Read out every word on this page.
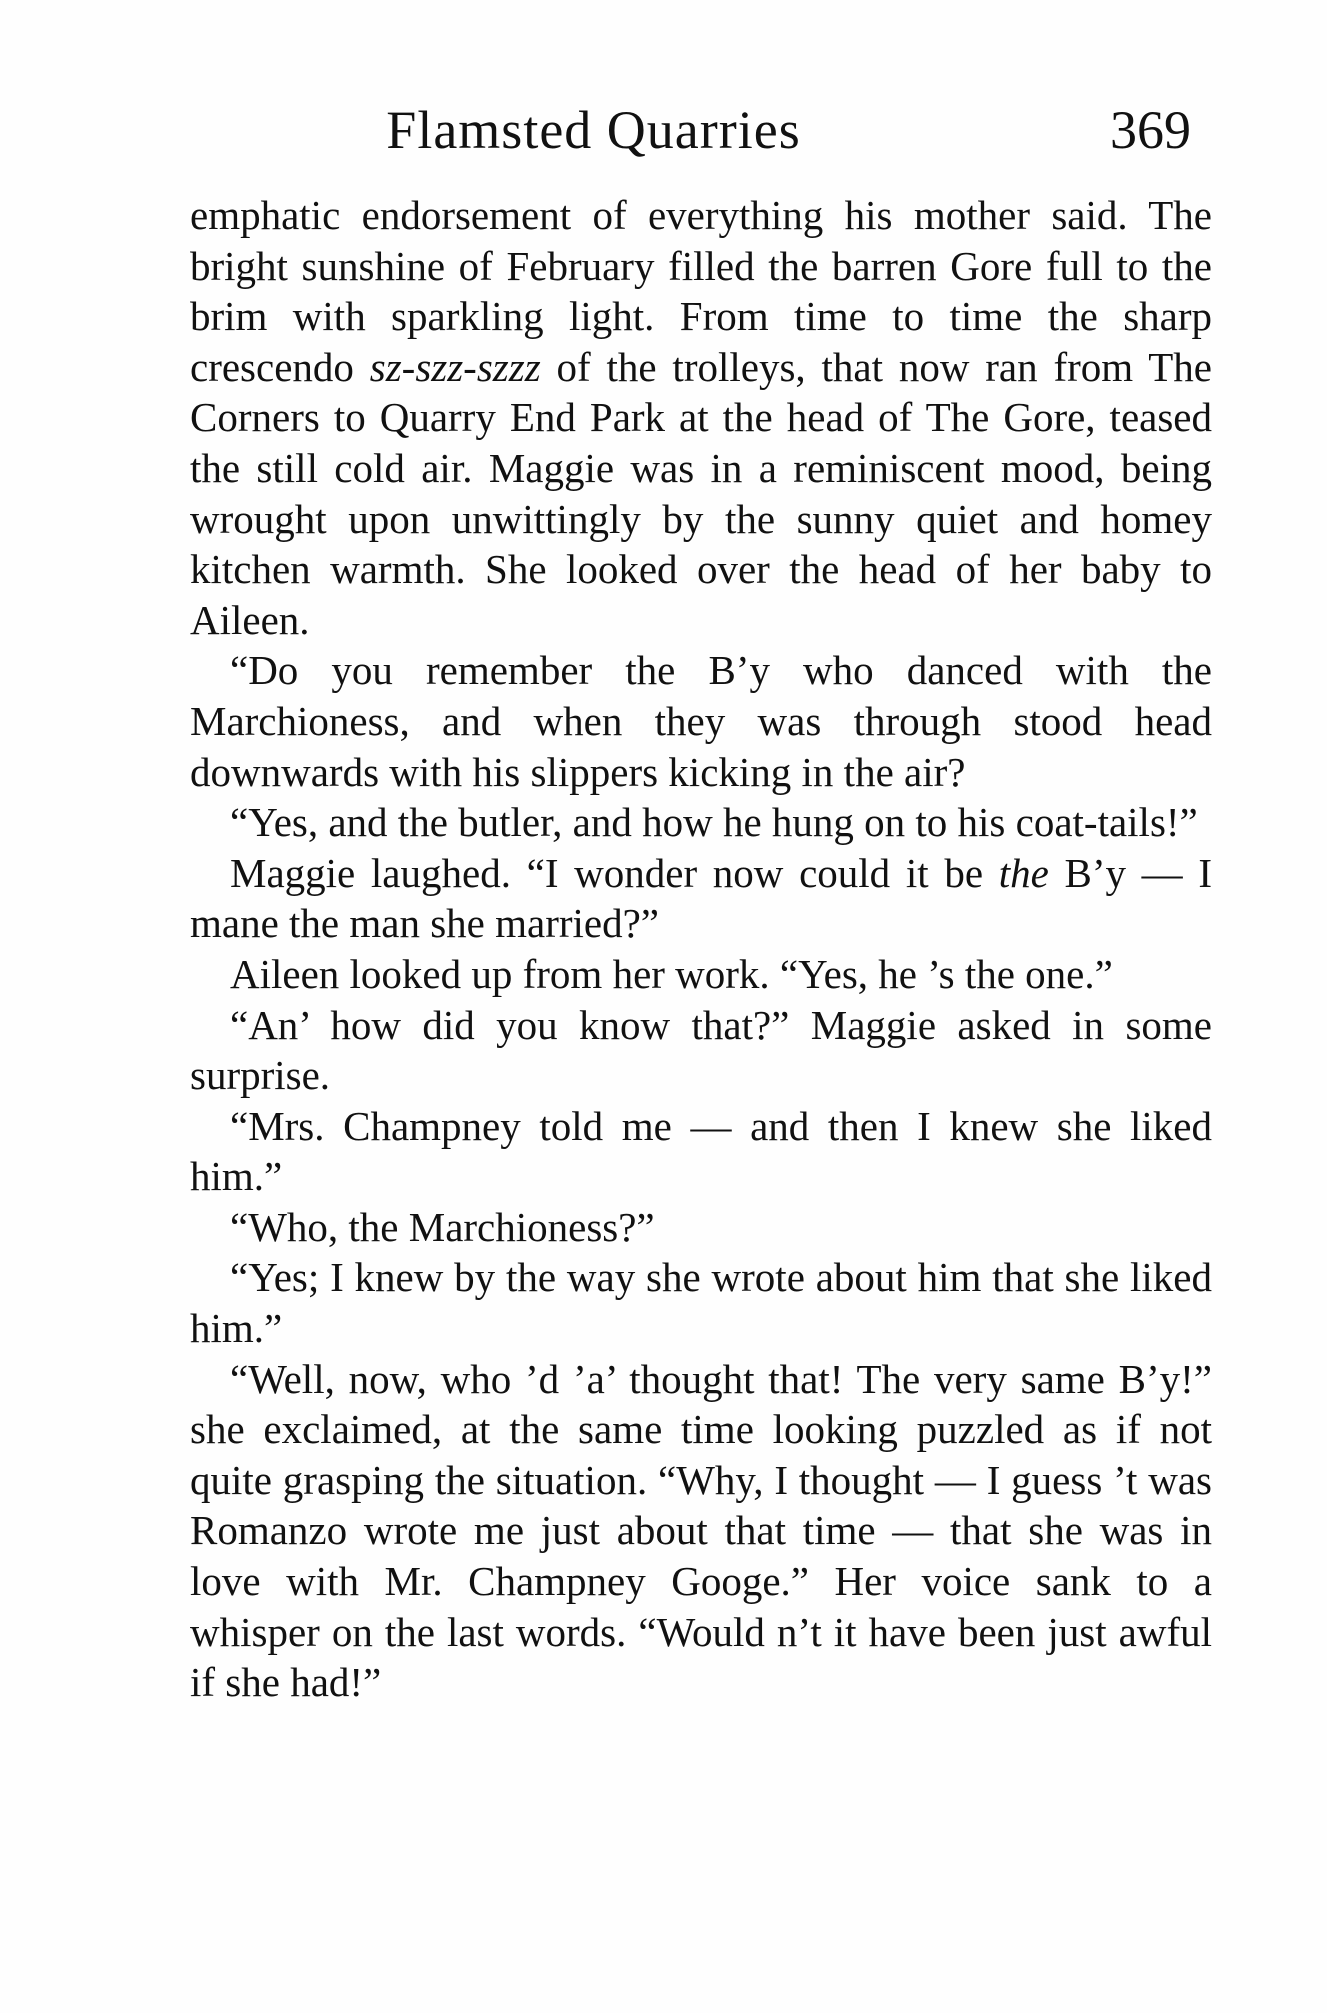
Flamsted Quarries	369

emphatic endorsement of everything his mother said. The bright sunshine of February filled the barren Gore full to the brim with sparkling light. From time to time the sharp crescendo sz-szz-szzz of the trolleys, that now ran from The Corners to Quarry End Park at the head of The Gore, teased the still cold air. Maggie was in a reminiscent mood, being wrought upon unwittingly by the sunny quiet and homey kitchen warmth. She looked over the head of her baby to Aileen.

“Do you remember the B’y who danced with the Marchioness, and when they was through stood head downwards with his slippers kicking in the air?

“Yes, and the butler, and how he hung on to his coat-tails!”

Maggie laughed. “I wonder now could it be the B’y — I mane the man she married?”

Aileen looked up from her work. “Yes, he ’s the one.”

“An’ how did you know that?” Maggie asked in some surprise.

“Mrs. Champney told me — and then I knew she liked him.”

“Who, the Marchioness?”

“Yes; I knew by the way she wrote about him that she liked him.”

“Well, now, who ’d ’a’ thought that! The very same B’y!” she exclaimed, at the same time looking puzzled as if not quite grasping the situation. “Why, I thought — I guess ’t was Romanzo wrote me just about that time — that she was in love with Mr. Champney Googe.” Her voice sank to a whisper on the last words. “Would n’t it have been just awful if she had!”
